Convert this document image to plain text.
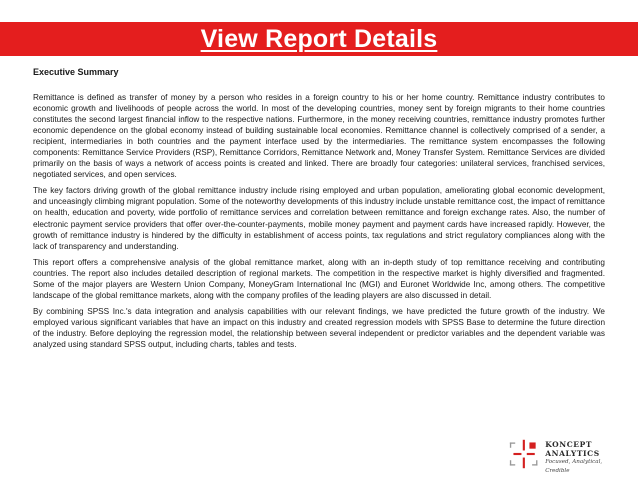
View Report Details
Executive Summary

Remittance is defined as transfer of money by a person who resides in a foreign country to his or her home country. Remittance industry contributes to economic growth and livelihoods of people across the world. In most of the developing countries, money sent by foreign migrants to their home countries constitutes the second largest financial inflow to the respective nations. Furthermore, in the money receiving countries, remittance industry promotes further economic dependence on the global economy instead of building sustainable local economies. Remittance channel is collectively comprised of a sender, a recipient, intermediaries in both countries and the payment interface used by the intermediaries. The remittance system encompasses the following components: Remittance Service Providers (RSP), Remittance Corridors, Remittance Network and, Money Transfer System. Remittance Services are divided primarily on the basis of ways a network of access points is created and linked. There are broadly four categories: unilateral services, franchised services, negotiated services, and open services.

The key factors driving growth of the global remittance industry include rising employed and urban population, ameliorating global economic development, and unceasingly climbing migrant population. Some of the noteworthy developments of this industry include unstable remittance cost, the impact of remittance on health, education and poverty, wide portfolio of remittance services and correlation between remittance and foreign exchange rates. Also, the number of electronic payment service providers that offer over-the-counter-payments, mobile money payment and payment cards have increased rapidly. However, the growth of remittance industry is hindered by the difficulty in establishment of access points, tax regulations and strict regulatory compliances along with the lack of transparency and understanding.

This report offers a comprehensive analysis of the global remittance market, along with an in-depth study of top remittance receiving and contributing countries. The report also includes detailed description of regional markets. The competition in the respective market is highly diversified and fragmented. Some of the major players are Western Union Company, MoneyGram International Inc (MGI) and Euronet Worldwide Inc, among others. The competitive landscape of the global remittance markets, along with the company profiles of the leading players are also discussed in detail.

By combining SPSS Inc.'s data integration and analysis capabilities with our relevant findings, we have predicted the future growth of the industry. We employed various significant variables that have an impact on this industry and created regression models with SPSS Base to determine the future direction of the industry. Before deploying the regression model, the relationship between several independent or predictor variables and the dependent variable was analyzed using standard SPSS output, including charts, tables and tests.

KONCEPT
ANALYTICS
Focused, Analytical, Credible
